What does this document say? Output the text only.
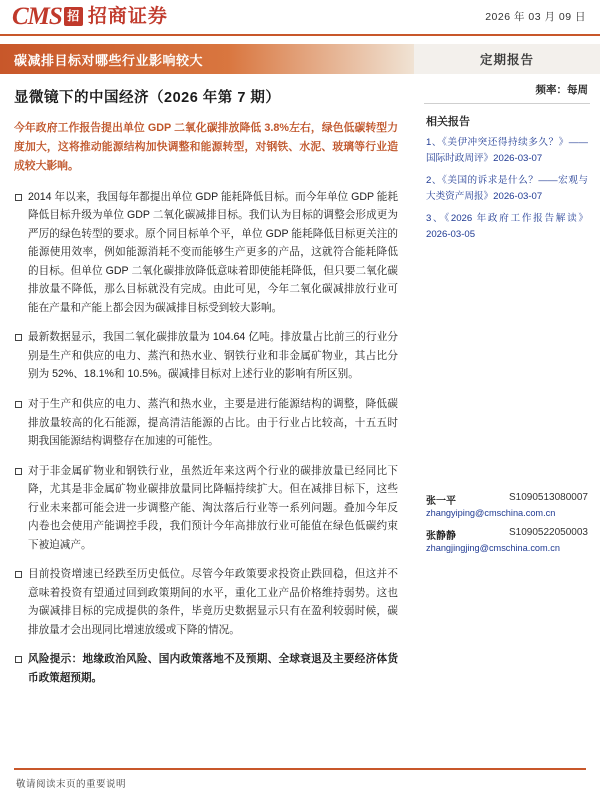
CMS 招 招商证券	2026 年 03 月 09 日
碳减排目标对哪些行业影响较大	定期报告
显微镜下的中国经济（2026 年第 7 期）
今年政府工作报告提出单位 GDP 二氧化碳排放降低 3.8%左右，绿色低碳转型力度加大，这将推动能源结构加快调整和能源转型，对钢铁、水泥、玻璃等行业造成较大影响。
2014 年以来，我国每年都提出单位 GDP 能耗降低目标。而今年单位 GDP 能耗降低目标升级为单位 GDP 二氧化碳减排目标。我们认为目标的调整会形成更为严厉的绿色转型的要求。原个同目标单个平，单位 GDP 能耗降低目标更关注的能源使用效率，例如能源消耗不变而能够生产更多的产品，这就符合能耗降低的目标。但单位 GDP 二氧化碳排放降低意味着即使能耗降低，但只要二氧化碳排放量不降低，那么目标就没有完成。由此可见，今年二氧化碳减排放行业可能在产量和产能上都会因为碳减排目标受到较大影响。
最新数据显示，我国二氧化碳排放量为 104.64 亿吨。排放量占比前三的行业分别是生产和供应的电力、蒸汽和热水业、钢铁行业和非金属矿物业，其占比分别为 52%、18.1%和 10.5%。碳减排目标对上述行业的影响有所区别。
对于生产和供应的电力、蒸汽和热水业，主要是进行能源结构的调整，降低碳排放量较高的化石能源，提高清洁能源的占比。由于行业占比较高，十五五时期我国能源结构调整存在加速的可能性。
对于非金属矿物业和钢铁行业，虽然近年来这两个行业的碳排放量已经同比下降，尤其是非金属矿物业碳排放量同比降幅持续扩大。但在减排目标下，这些行业未来都可能会进一步调整产能、淘汰落后行业等一系列问题。叠加今年反内卷也会使用产能调控手段，我们预计今年高排放行业可能值在绿色低碳约束下被迫减产。
目前投资增速已经跌至历史低位。尽管今年政策要求投资止跌回稳，但这并不意味着投资有望通过回到政策期间的水平，重化工业产品价格维持弱势。这也为碳减排目标的完成提供的条件，毕竟历史数据显示只有在盈利较弱时候，碳排放量才会出现同比增速放缓或下降的情况。
风险提示：地缘政治风险、国内政策落地不及预期、全球衰退及主要经济体货币政策超预期。
频率：每周
相关报告
1、《美伊冲突还得持续多久？》——国际时政周评》2026-03-07
2、《美国的诉求是什么？——宏观与大类资产周报》2026-03-07
3、《2026 年政府工作报告解读》2026-03-05
张一平	S1090513080007
zhangyiping@cmschina.com.cn
张静静	S1090522050003
zhangjingjing@cmschina.com.cn
敬请阅读末页的重要说明
